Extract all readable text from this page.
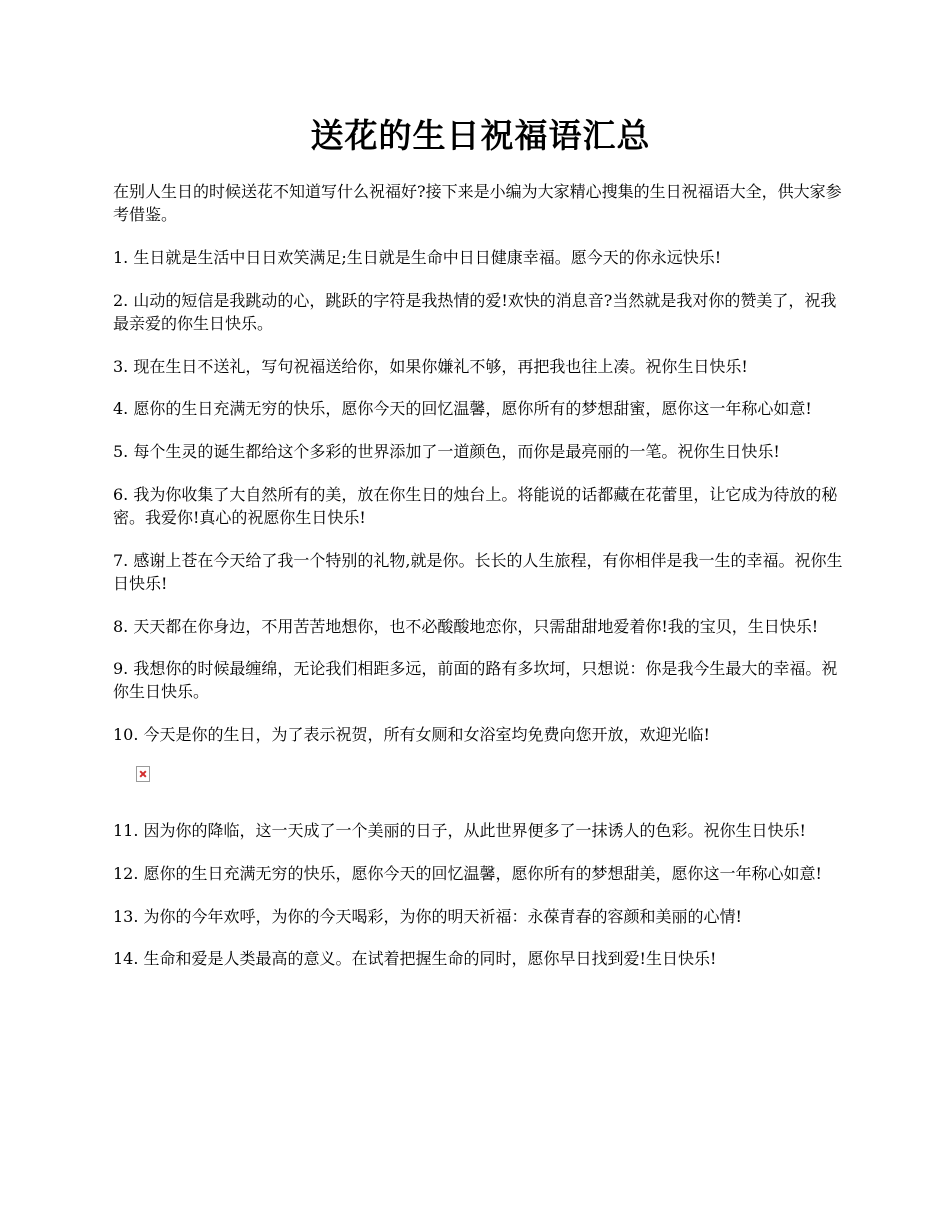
送花的生日祝福语汇总

在别人生日的时候送花不知道写什么祝福好?接下来是小编为大家精心搜集的生日祝福语大全，供大家参考借鉴。

1. 生日就是生活中日日欢笑满足;生日就是生命中日日健康幸福。愿今天的你永远快乐!
2. 山动的短信是我跳动的心，跳跃的字符是我热情的爱!欢快的消息音?当然就是我对你的赞美了，祝我最亲爱的你生日快乐。
3. 现在生日不送礼，写句祝福送给你，如果你嫌礼不够，再把我也往上凑。祝你生日快乐!
4. 愿你的生日充满无穷的快乐，愿你今天的回忆温馨，愿你所有的梦想甜蜜，愿你这一年称心如意!
5. 每个生灵的诞生都给这个多彩的世界添加了一道颜色，而你是最亮丽的一笔。祝你生日快乐!
6. 我为你收集了大自然所有的美，放在你生日的烛台上。将能说的话都藏在花蕾里，让它成为待放的秘密。我爱你!真心的祝愿你生日快乐!
7. 感谢上苍在今天给了我一个特别的礼物,就是你。长长的人生旅程，有你相伴是我一生的幸福。祝你生日快乐!
8. 天天都在你身边，不用苦苦地想你，也不必酸酸地恋你，只需甜甜地爱着你!我的宝贝，生日快乐!
9. 我想你的时候最缠绵，无论我们相距多远，前面的路有多坎坷，只想说：你是我今生最大的幸福。祝你生日快乐。
10. 今天是你的生日，为了表示祝贺，所有女厕和女浴室均免费向您开放，欢迎光临!
11. 因为你的降临，这一天成了一个美丽的日子，从此世界便多了一抹诱人的色彩。祝你生日快乐!
12. 愿你的生日充满无穷的快乐，愿你今天的回忆温馨，愿你所有的梦想甜美，愿你这一年称心如意!
13. 为你的今年欢呼，为你的今天喝彩，为你的明天祈福：永葆青春的容颜和美丽的心情!
14. 生命和爱是人类最高的意义。在试着把握生命的同时，愿你早日找到爱!生日快乐!
